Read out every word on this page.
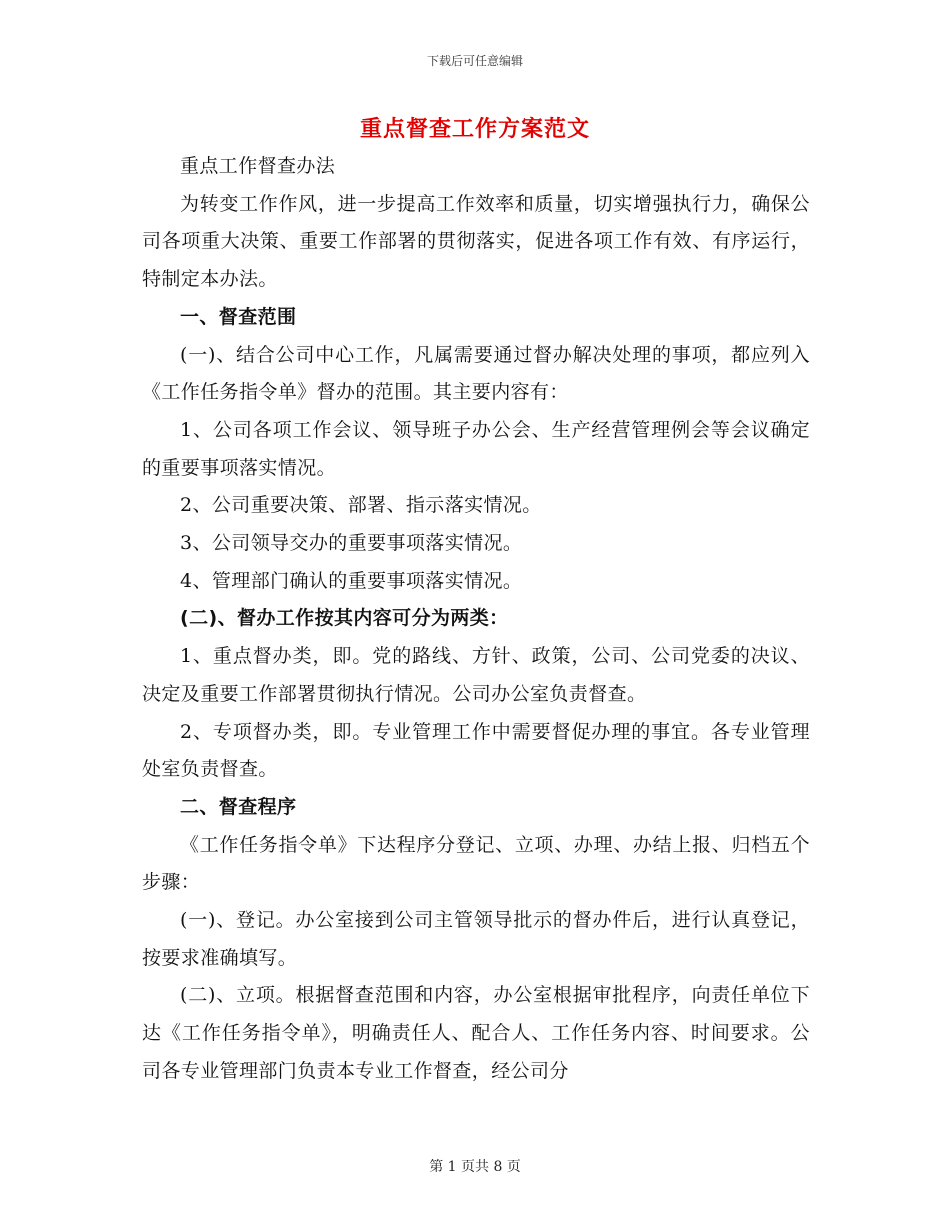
下载后可任意编辑
重点督查工作方案范文

重点工作督查办法

为转变工作作风，进一步提高工作效率和质量，切实增强执行力，确保公司各项重大决策、重要工作部署的贯彻落实，促进各项工作有效、有序运行，特制定本办法。

一、督查范围

(一)、结合公司中心工作，凡属需要通过督办解决处理的事项，都应列入《工作任务指令单》督办的范围。其主要内容有：

1、公司各项工作会议、领导班子办公会、生产经营管理例会等会议确定的重要事项落实情况。

2、公司重要决策、部署、指示落实情况。

3、公司领导交办的重要事项落实情况。

4、管理部门确认的重要事项落实情况。

(二)、督办工作按其内容可分为两类：

1、重点督办类，即。党的路线、方针、政策，公司、公司党委的决议、决定及重要工作部署贯彻执行情况。公司办公室负责督查。

2、专项督办类，即。专业管理工作中需要督促办理的事宜。各专业管理处室负责督查。

二、督查程序

《工作任务指令单》下达程序分登记、立项、办理、办结上报、归档五个步骤：

(一)、登记。办公室接到公司主管领导批示的督办件后，进行认真登记，按要求准确填写。

(二)、立项。根据督查范围和内容，办公室根据审批程序，向责任单位下达《工作任务指令单》，明确责任人、配合人、工作任务内容、时间要求。公司各专业管理部门负责本专业工作督查，经公司分

第 1 页共 8 页
